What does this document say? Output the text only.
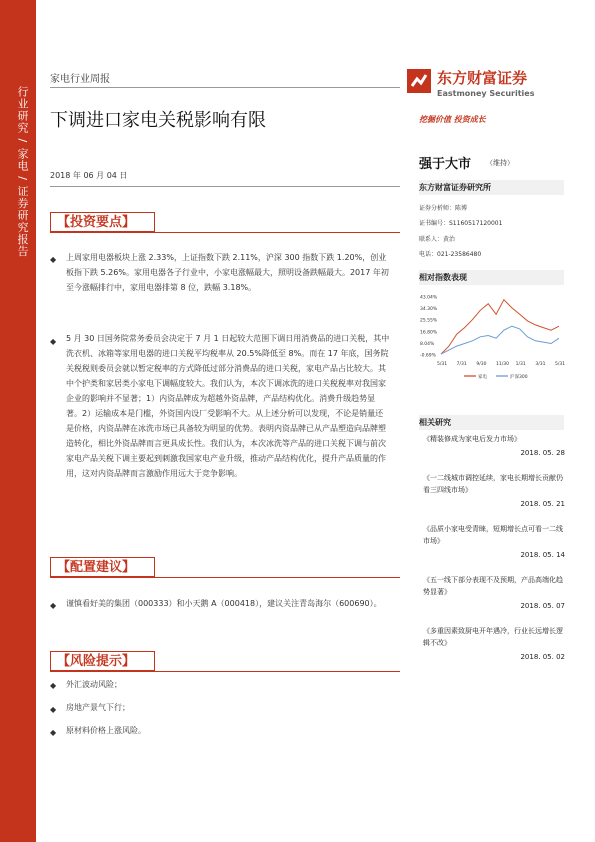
行业研究 / 家电 / 证券研究报告
家电行业周报
下调进口家电关税影响有限
2018 年 06 月 04 日
【投资要点】
◆ 上周家用电器板块上涨 2.33%，上证指数下跌 2.11%，沪深 300 指数下跌 1.20%，创业板指下跌 5.26%。家用电器各子行业中，小家电涨幅最大，照明设备跌幅最大。2017 年初至今涨幅排行中，家用电器排第 8 位，跌幅 3.18%。
◆ 5 月 30 日国务院常务委员会决定于 7 月 1 日起较大范围下调日用消费品的进口关税，其中洗衣机、冰箱等家用电器的进口关税平均税率从 20.5%降低至 8%。而在 17 年底，国务院关税税则委员会就以暂定税率的方式降低过部分消费品的进口关税，家电产品占比较大。其中个护类和家居类小家电下调幅度较大。我们认为，本次下调冰洗的进口关税税率对我国家企业的影响并不显著；1）内资品牌成为超越外资品牌，产品结构优化。消费升级趋势显著。2）运输成本是门槛，外资国内设厂受影响不大。从上述分析可以发现，不论是销量还是价格，内资品牌在冰洗市场已具备较为明显的优势。表明内资品牌已从产品塑造向品牌塑造转化，相比外资品牌而言更具成长性。我们认为，本次冰洗等产品的进口关税下调与前次家电产品关税下调主要起到刺激我国家电产业升级，推动产品结构优化，提升产品质量的作用，这对内资品牌而言激励作用远大于竞争影响。
【配置建议】
◆ 谨慎看好美的集团（000333）和小天鹅 A（000418），建议关注青岛海尔（600690）。
【风险提示】
◆ 外汇波动风险；
◆ 房地产景气下行；
◆ 原材料价格上涨风险。
东方财富证券
Eastmoney Securities
挖掘价值 投资成长
强于大市 （维持）
东方财富证券研究所
证券分析师：陈博
证书编号：S1160517120001
联系人：黄治
电话：021-23586480
相对指数表现
-0.69%
8.04%
16.80%
25.55%
34.30%
43.04%
5/31 7/31 9/30 11/30 1/31 3/31 5/31
家电	沪深300
相关研究
《精装修成为家电后发力市场》
2018. 05. 28
《一二线城市调控延续，家电长期增长贡献仍看三四线市场》
2018. 05. 21
《品质小家电受青睐，短期增长点可看一二线市场》
2018. 05. 14
《五一线下部分表现不及预期，产品高端化趋势显著》
2018. 05. 07
《多重因素致厨电开年遇冷，行业长远增长逻辑不改》
2018. 05. 02
